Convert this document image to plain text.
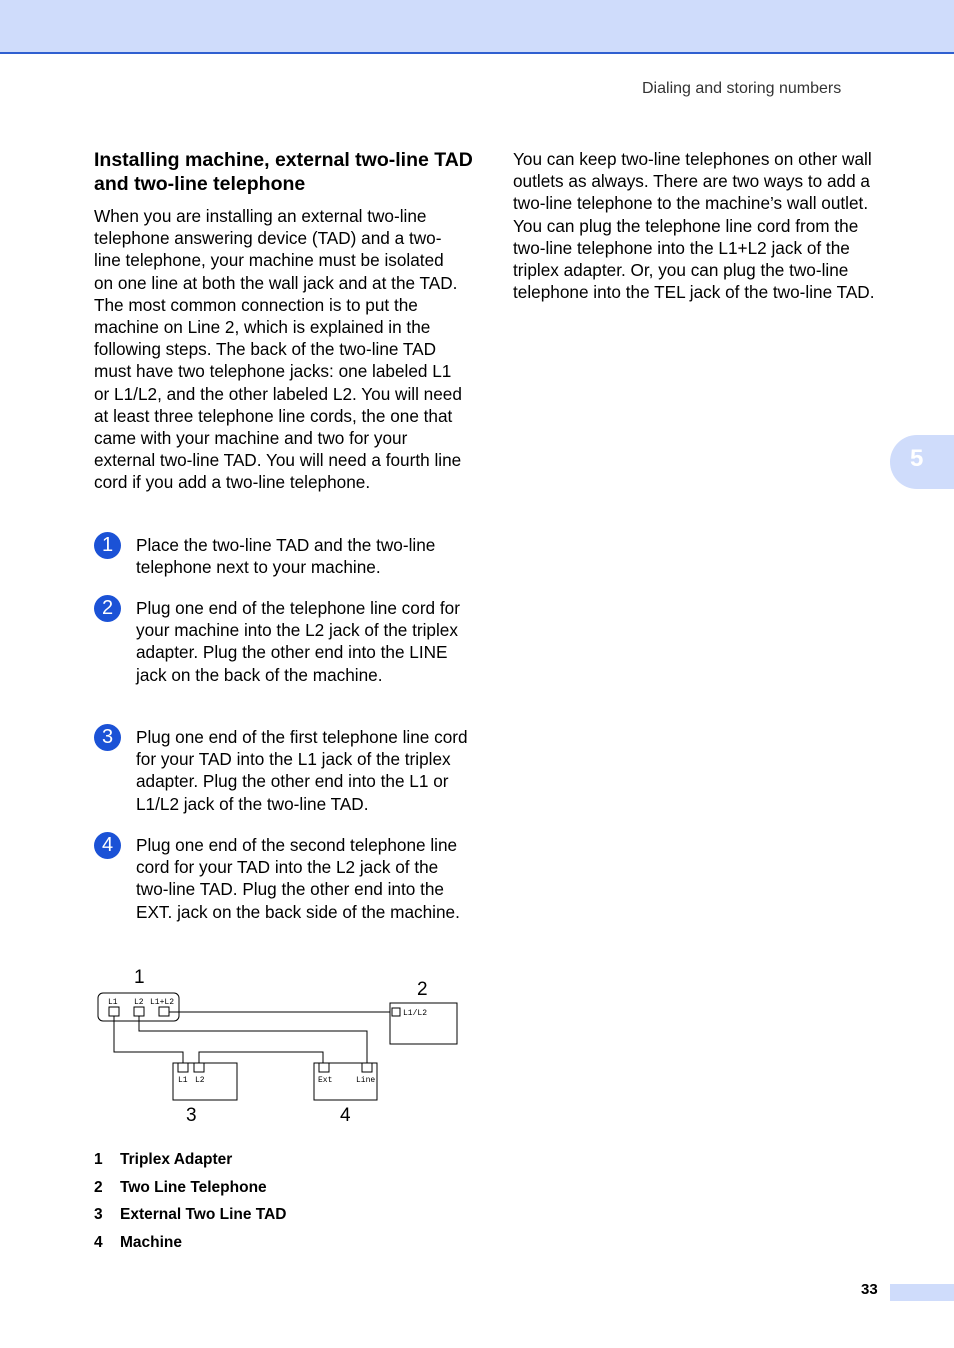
Dialing and storing numbers
5
Installing machine, external two-line TAD and two-line telephone
When you are installing an external two-line telephone answering device (TAD) and a two-line telephone, your machine must be isolated on one line at both the wall jack and at the TAD. The most common connection is to put the machine on Line 2, which is explained in the following steps. The back of the two-line TAD must have two telephone jacks: one labeled L1 or L1/L2, and the other labeled L2. You will need at least three telephone line cords, the one that came with your machine and two for your external two-line TAD. You will need a fourth line cord if you add a two-line telephone.
1	Place the two-line TAD and the two-line telephone next to your machine.
2	Plug one end of the telephone line cord for your machine into the L2 jack of the triplex adapter. Plug the other end into the LINE jack on the back of the machine.
3	Plug one end of the first telephone line cord for your TAD into the L1 jack of the triplex adapter. Plug the other end into the L1 or L1/L2 jack of the two-line TAD.
4	Plug one end of the second telephone line cord for your TAD into the L2 jack of the two-line TAD. Plug the other end into the EXT. jack on the back side of the machine.
You can keep two-line telephones on other wall outlets as always. There are two ways to add a two-line telephone to the machine’s wall outlet. You can plug the telephone line cord from the two-line telephone into the L1+L2 jack of the triplex adapter. Or, you can plug the two-line telephone into the TEL jack of the two-line TAD.
1
2
3	4
L1 L2 L1+L2
L1/L2
L1 L2	Ext	Line
1 Triplex Adapter
2 Two Line Telephone
3 External Two Line TAD
4 Machine
33
